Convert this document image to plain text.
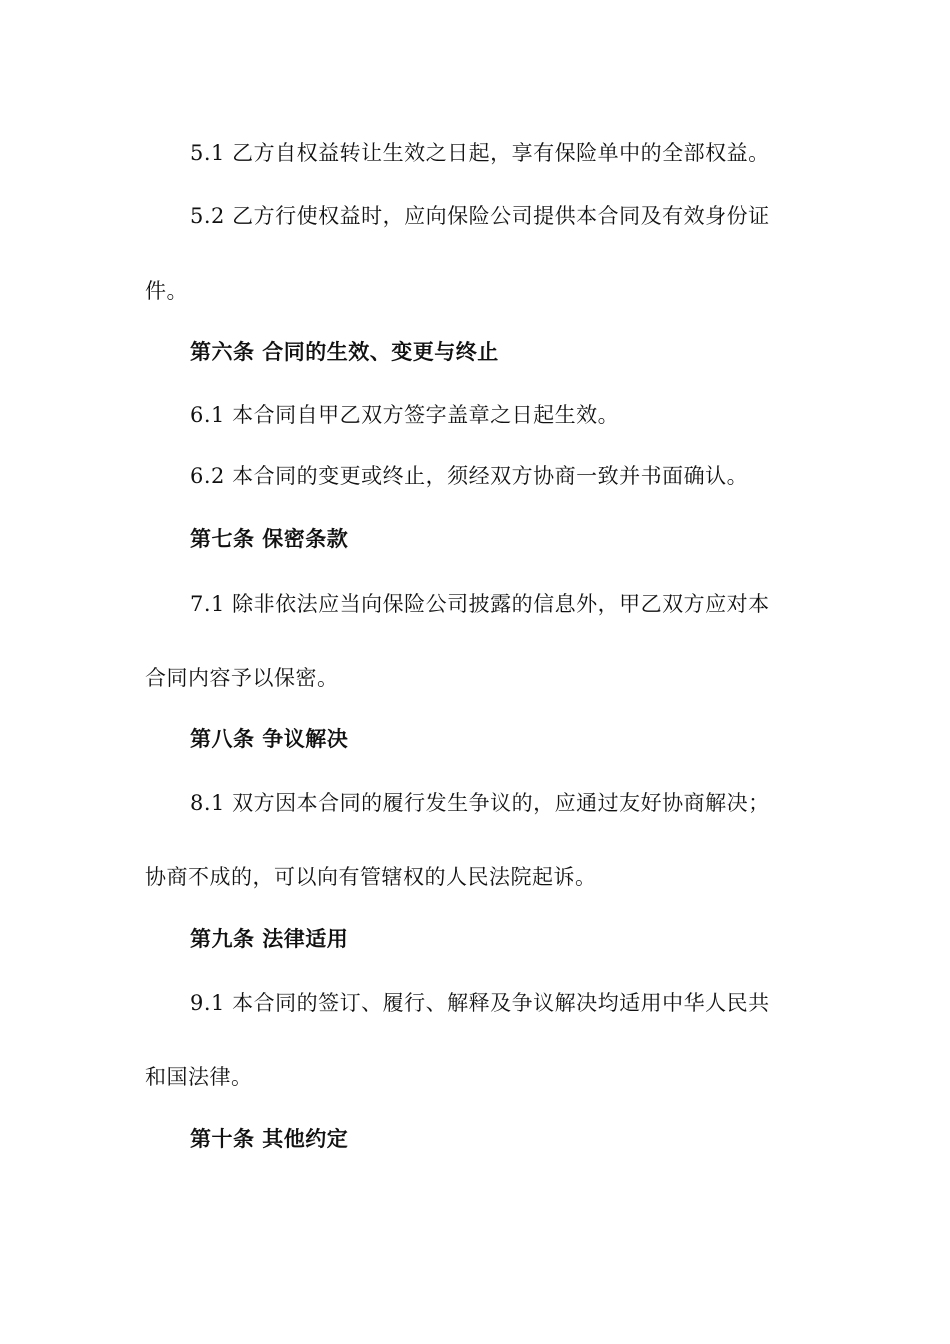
5.1 乙方自权益转让生效之日起，享有保险单中的全部权益。
5.2 乙方行使权益时，应向保险公司提供本合同及有效身份证
件。
第六条 合同的生效、变更与终止
6.1 本合同自甲乙双方签字盖章之日起生效。
6.2 本合同的变更或终止，须经双方协商一致并书面确认。
第七条 保密条款
7.1 除非依法应当向保险公司披露的信息外，甲乙双方应对本
合同内容予以保密。
第八条 争议解决
8.1 双方因本合同的履行发生争议的，应通过友好协商解决；
协商不成的，可以向有管辖权的人民法院起诉。
第九条 法律适用
9.1 本合同的签订、履行、解释及争议解决均适用中华人民共
和国法律。
第十条 其他约定
